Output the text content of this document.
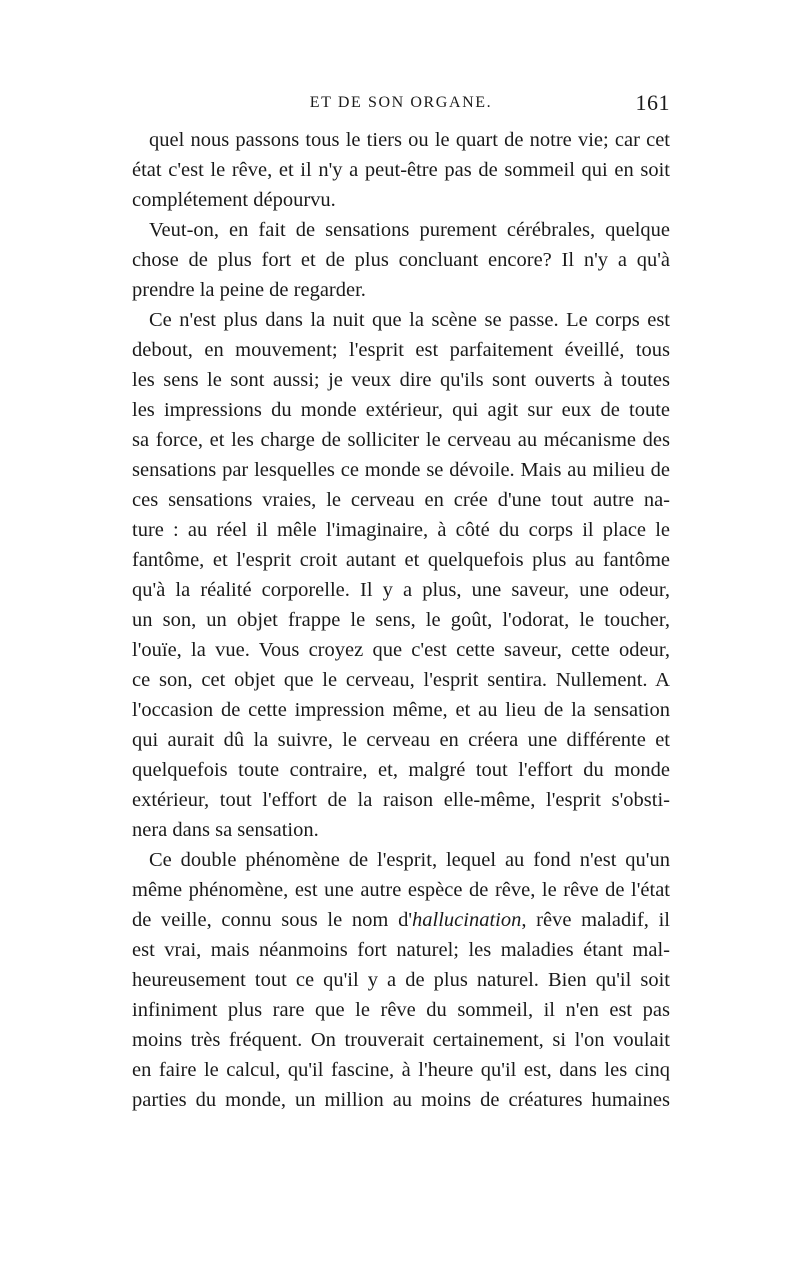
ET DE SON ORGANE.	161

quel nous passons tous le tiers ou le quart de notre vie; car cet
état c'est le rêve, et il n'y a peut-être pas de sommeil qui en soit
complétement dépourvu.

Veut-on, en fait de sensations purement cérébrales, quelque
chose de plus fort et de plus concluant encore? Il n'y a qu'à
prendre la peine de regarder.

Ce n'est plus dans la nuit que la scène se passe. Le corps est
debout, en mouvement; l'esprit est parfaitement éveillé, tous
les sens le sont aussi; je veux dire qu'ils sont ouverts à toutes
les impressions du monde extérieur, qui agit sur eux de toute
sa force, et les charge de solliciter le cerveau au mécanisme des
sensations par lesquelles ce monde se dévoile. Mais au milieu de
ces sensations vraies, le cerveau en crée d'une tout autre na-
ture : au réel il mêle l'imaginaire, à côté du corps il place le
fantôme, et l'esprit croit autant et quelquefois plus au fantôme
qu'à la réalité corporelle. Il y a plus, une saveur, une odeur,
un son, un objet frappe le sens, le goût, l'odorat, le toucher,
l'ouïe, la vue. Vous croyez que c'est cette saveur, cette odeur,
ce son, cet objet que le cerveau, l'esprit sentira. Nullement. A
l'occasion de cette impression même, et au lieu de la sensation
qui aurait dû la suivre, le cerveau en créera une différente et
quelquefois toute contraire, et, malgré tout l'effort du monde
extérieur, tout l'effort de la raison elle-même, l'esprit s'obsti-
nera dans sa sensation.

Ce double phénomène de l'esprit, lequel au fond n'est qu'un
même phénomène, est une autre espèce de rêve, le rêve de l'état
de veille, connu sous le nom d'hallucination, rêve maladif, il
est vrai, mais néanmoins fort naturel; les maladies étant mal-
heureusement tout ce qu'il y a de plus naturel. Bien qu'il soit
infiniment plus rare que le rêve du sommeil, il n'en est pas
moins très fréquent. On trouverait certainement, si l'on voulait
en faire le calcul, qu'il fascine, à l'heure qu'il est, dans les cinq
parties du monde, un million au moins de créatures humaines
